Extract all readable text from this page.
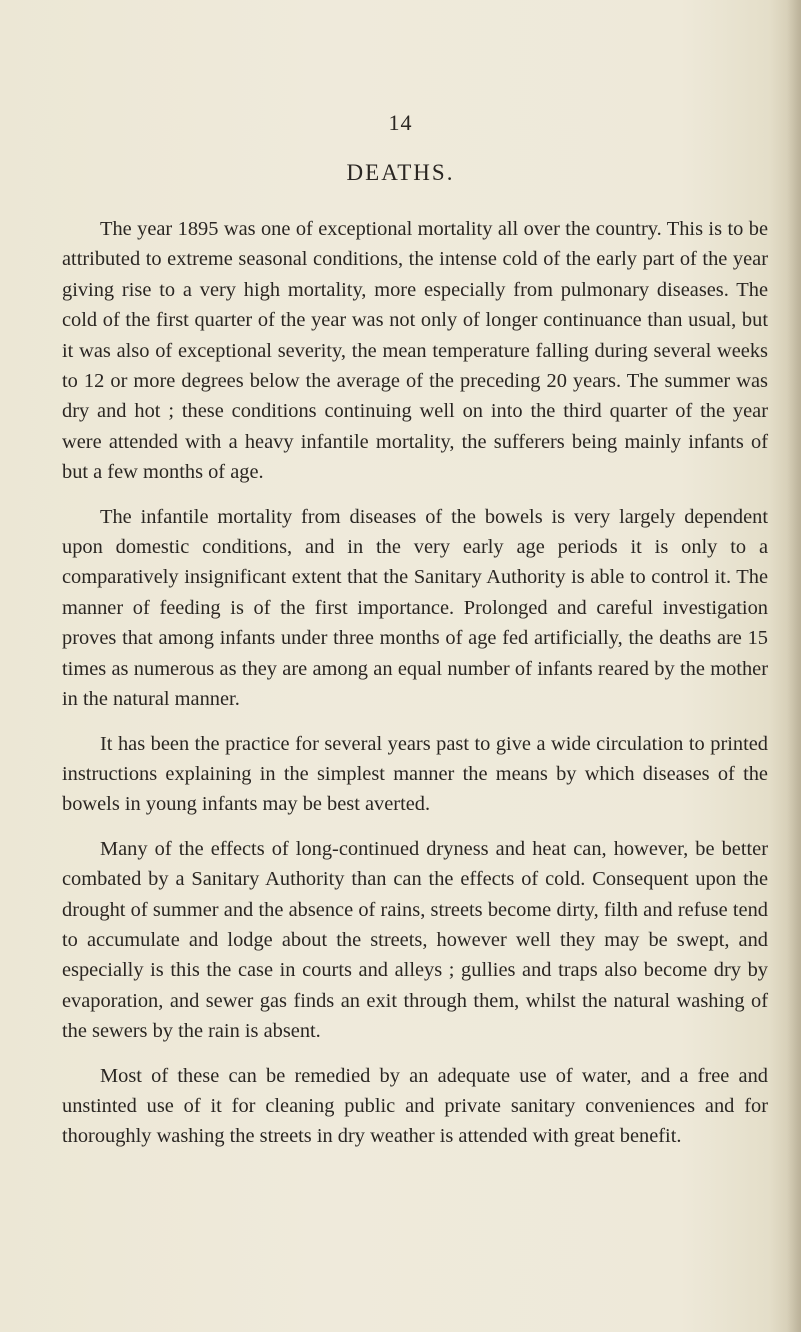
14
DEATHS.

The year 1895 was one of exceptional mortality all over the country. This is to be attributed to extreme seasonal conditions, the intense cold of the early part of the year giving rise to a very high mortality, more especially from pulmonary diseases. The cold of the first quarter of the year was not only of longer continuance than usual, but it was also of exceptional severity, the mean temperature falling during several weeks to 12 or more degrees below the average of the preceding 20 years. The summer was dry and hot ; these conditions continuing well on into the third quarter of the year were attended with a heavy infantile mortality, the sufferers being mainly infants of but a few months of age.

The infantile mortality from diseases of the bowels is very largely dependent upon domestic conditions, and in the very early age periods it is only to a comparatively insignificant extent that the Sanitary Authority is able to control it. The manner of feeding is of the first importance. Prolonged and careful investigation proves that among infants under three months of age fed artificially, the deaths are 15 times as numerous as they are among an equal number of infants reared by the mother in the natural manner.

It has been the practice for several years past to give a wide circulation to printed instructions explaining in the simplest manner the means by which diseases of the bowels in young infants may be best averted.

Many of the effects of long-continued dryness and heat can, however, be better combated by a Sanitary Authority than can the effects of cold. Consequent upon the drought of summer and the absence of rains, streets become dirty, filth and refuse tend to accumulate and lodge about the streets, however well they may be swept, and especially is this the case in courts and alleys ; gullies and traps also become dry by evaporation, and sewer gas finds an exit through them, whilst the natural washing of the sewers by the rain is absent.

Most of these can be remedied by an adequate use of water, and a free and unstinted use of it for cleaning public and private sanitary conveniences and for thoroughly washing the streets in dry weather is attended with great benefit.
